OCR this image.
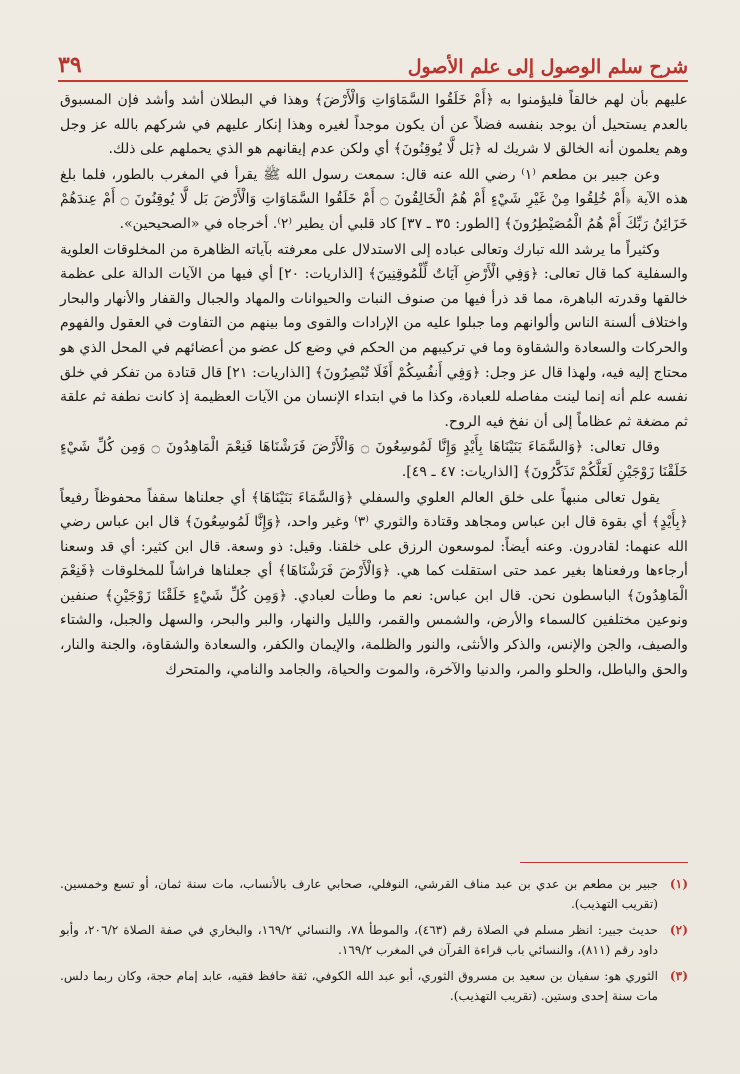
شرح سلم الوصول إلى علم الأصول
٣٩

عليهم بأن لهم خالقاً فليؤمنوا به ﴿أَمْ خَلَقُوا السَّمَاوَاتِ وَالْأَرْضَ﴾ وهذا في البطلان أشد وأشد فإن المسبوق بالعدم يستحيل أن يوجد بنفسه فضلاً عن أن يكون موجداً لغيره وهذا إنكار عليهم في شركهم بالله عز وجل وهم يعلمون أنه الخالق لا شريك له ﴿بَل لَّا يُوقِنُونَ﴾ أي ولكن عدم إيقانهم هو الذي يحملهم على ذلك.

وعن جبير بن مطعم ⁽١⁾ رضي الله عنه قال: سمعت رسول الله ﷺ يقرأ في المغرب بالطور، فلما بلغ هذه الآية ﴿أَمْ خُلِقُوا مِنْ غَيْرِ شَيْءٍ أَمْ هُمُ الْخَالِقُونَ ۝ أَمْ خَلَقُوا السَّمَاوَاتِ وَالْأَرْضَ بَل لَّا يُوقِنُونَ ۝ أَمْ عِندَهُمْ خَزَائِنُ رَبِّكَ أَمْ هُمُ الْمُصَيْطِرُونَ﴾ [الطور: ٣٥ ـ ٣٧] كاد قلبي أن يطير ⁽٢⁾. أخرجاه في «الصحيحين».

وكثيراً ما يرشد الله تبارك وتعالى عباده إلى الاستدلال على معرفته بآياته الظاهرة من المخلوقات العلوية والسفلية كما قال تعالى: ﴿وَفِي الْأَرْضِ آيَاتٌ لِّلْمُوقِنِينَ﴾ [الذاريات: ٢٠] أي فيها من الآيات الدالة على عظمة خالقها وقدرته الباهرة، مما قد ذرأ فيها من صنوف النبات والحيوانات والمهاد والجبال والقفار والأنهار والبحار واختلاف ألسنة الناس وألوانهم وما جبلوا عليه من الإرادات والقوى وما بينهم من التفاوت في العقول والفهوم والحركات والسعادة والشقاوة وما في تركيبهم من الحكم في وضع كل عضو من أعضائهم في المحل الذي هو محتاج إليه فيه، ولهذا قال عز وجل: ﴿وَفِي أَنفُسِكُمْ أَفَلَا تُبْصِرُونَ﴾ [الذاريات: ٢١] قال قتادة من تفكر في خلق نفسه علم أنه إنما لينت مفاصله للعبادة، وكذا ما في ابتداء الإنسان من الآيات العظيمة إذ كانت نطفة ثم علقة ثم مضغة ثم عظاماً إلى أن نفخ فيه الروح.

وقال تعالى: ﴿وَالسَّمَاءَ بَنَيْنَاهَا بِأَيْدٍ وَإِنَّا لَمُوسِعُونَ ۝ وَالْأَرْضَ فَرَشْنَاهَا فَنِعْمَ الْمَاهِدُونَ ۝ وَمِن كُلِّ شَيْءٍ خَلَقْنَا زَوْجَيْنِ لَعَلَّكُمْ تَذَكَّرُونَ﴾ [الذاريات: ٤٧ ـ ٤٩].

يقول تعالى منبهاً على خلق العالم العلوي والسفلي ﴿وَالسَّمَاءَ بَنَيْنَاهَا﴾ أي جعلناها سقفاً محفوظاً رفيعاً ﴿بِأَيْدٍ﴾ أي بقوة قال ابن عباس ومجاهد وقتادة والثوري ⁽٣⁾ وغير واحد، ﴿وَإِنَّا لَمُوسِعُونَ﴾ قال ابن عباس رضي الله عنهما: لقادرون. وعنه أيضاً: لموسعون الرزق على خلقنا. وقيل: ذو وسعة. قال ابن كثير: أي قد وسعنا أرجاءها ورفعناها بغير عمد حتى استقلت كما هي. ﴿وَالْأَرْضَ فَرَشْنَاهَا﴾ أي جعلناها فراشاً للمخلوقات ﴿فَنِعْمَ الْمَاهِدُونَ﴾ الباسطون نحن. قال ابن عباس: نعم ما وطأت لعبادي. ﴿وَمِن كُلِّ شَيْءٍ خَلَقْنَا زَوْجَيْنِ﴾ صنفين ونوعين مختلفين كالسماء والأرض، والشمس والقمر، والليل والنهار، والبر والبحر، والسهل والجبل، والشتاء والصيف، والجن والإنس، والذكر والأنثى، والنور والظلمة، والإيمان والكفر، والسعادة والشقاوة، والجنة والنار، والحق والباطل، والحلو والمر، والدنيا والآخرة، والموت والحياة، والجامد والنامي، والمتحرك

(١)
جبير بن مطعم بن عدي بن عبد مناف القرشي، النوفلي، صحابي عارف بالأنساب، مات سنة ثمان، أو تسع وخمسين. (تقريب التهذيب).
(٢)
حديث جبير: انظر مسلم في الصلاة رقم (٤٦٣)، والموطأ ٧٨، والنسائي ١٦٩/٢، والبخاري في صفة الصلاة ٢٠٦/٢، وأبو داود رقم (٨١١)، والنسائي باب قراءة القرآن في المغرب ١٦٩/٢.
(٣)
الثوري هو: سفيان بن سعيد بن مسروق الثوري، أبو عبد الله الكوفي، ثقة حافظ فقيه، عابد إمام حجة، وكان ربما دلس. مات سنة إحدى وستين. (تقريب التهذيب).
